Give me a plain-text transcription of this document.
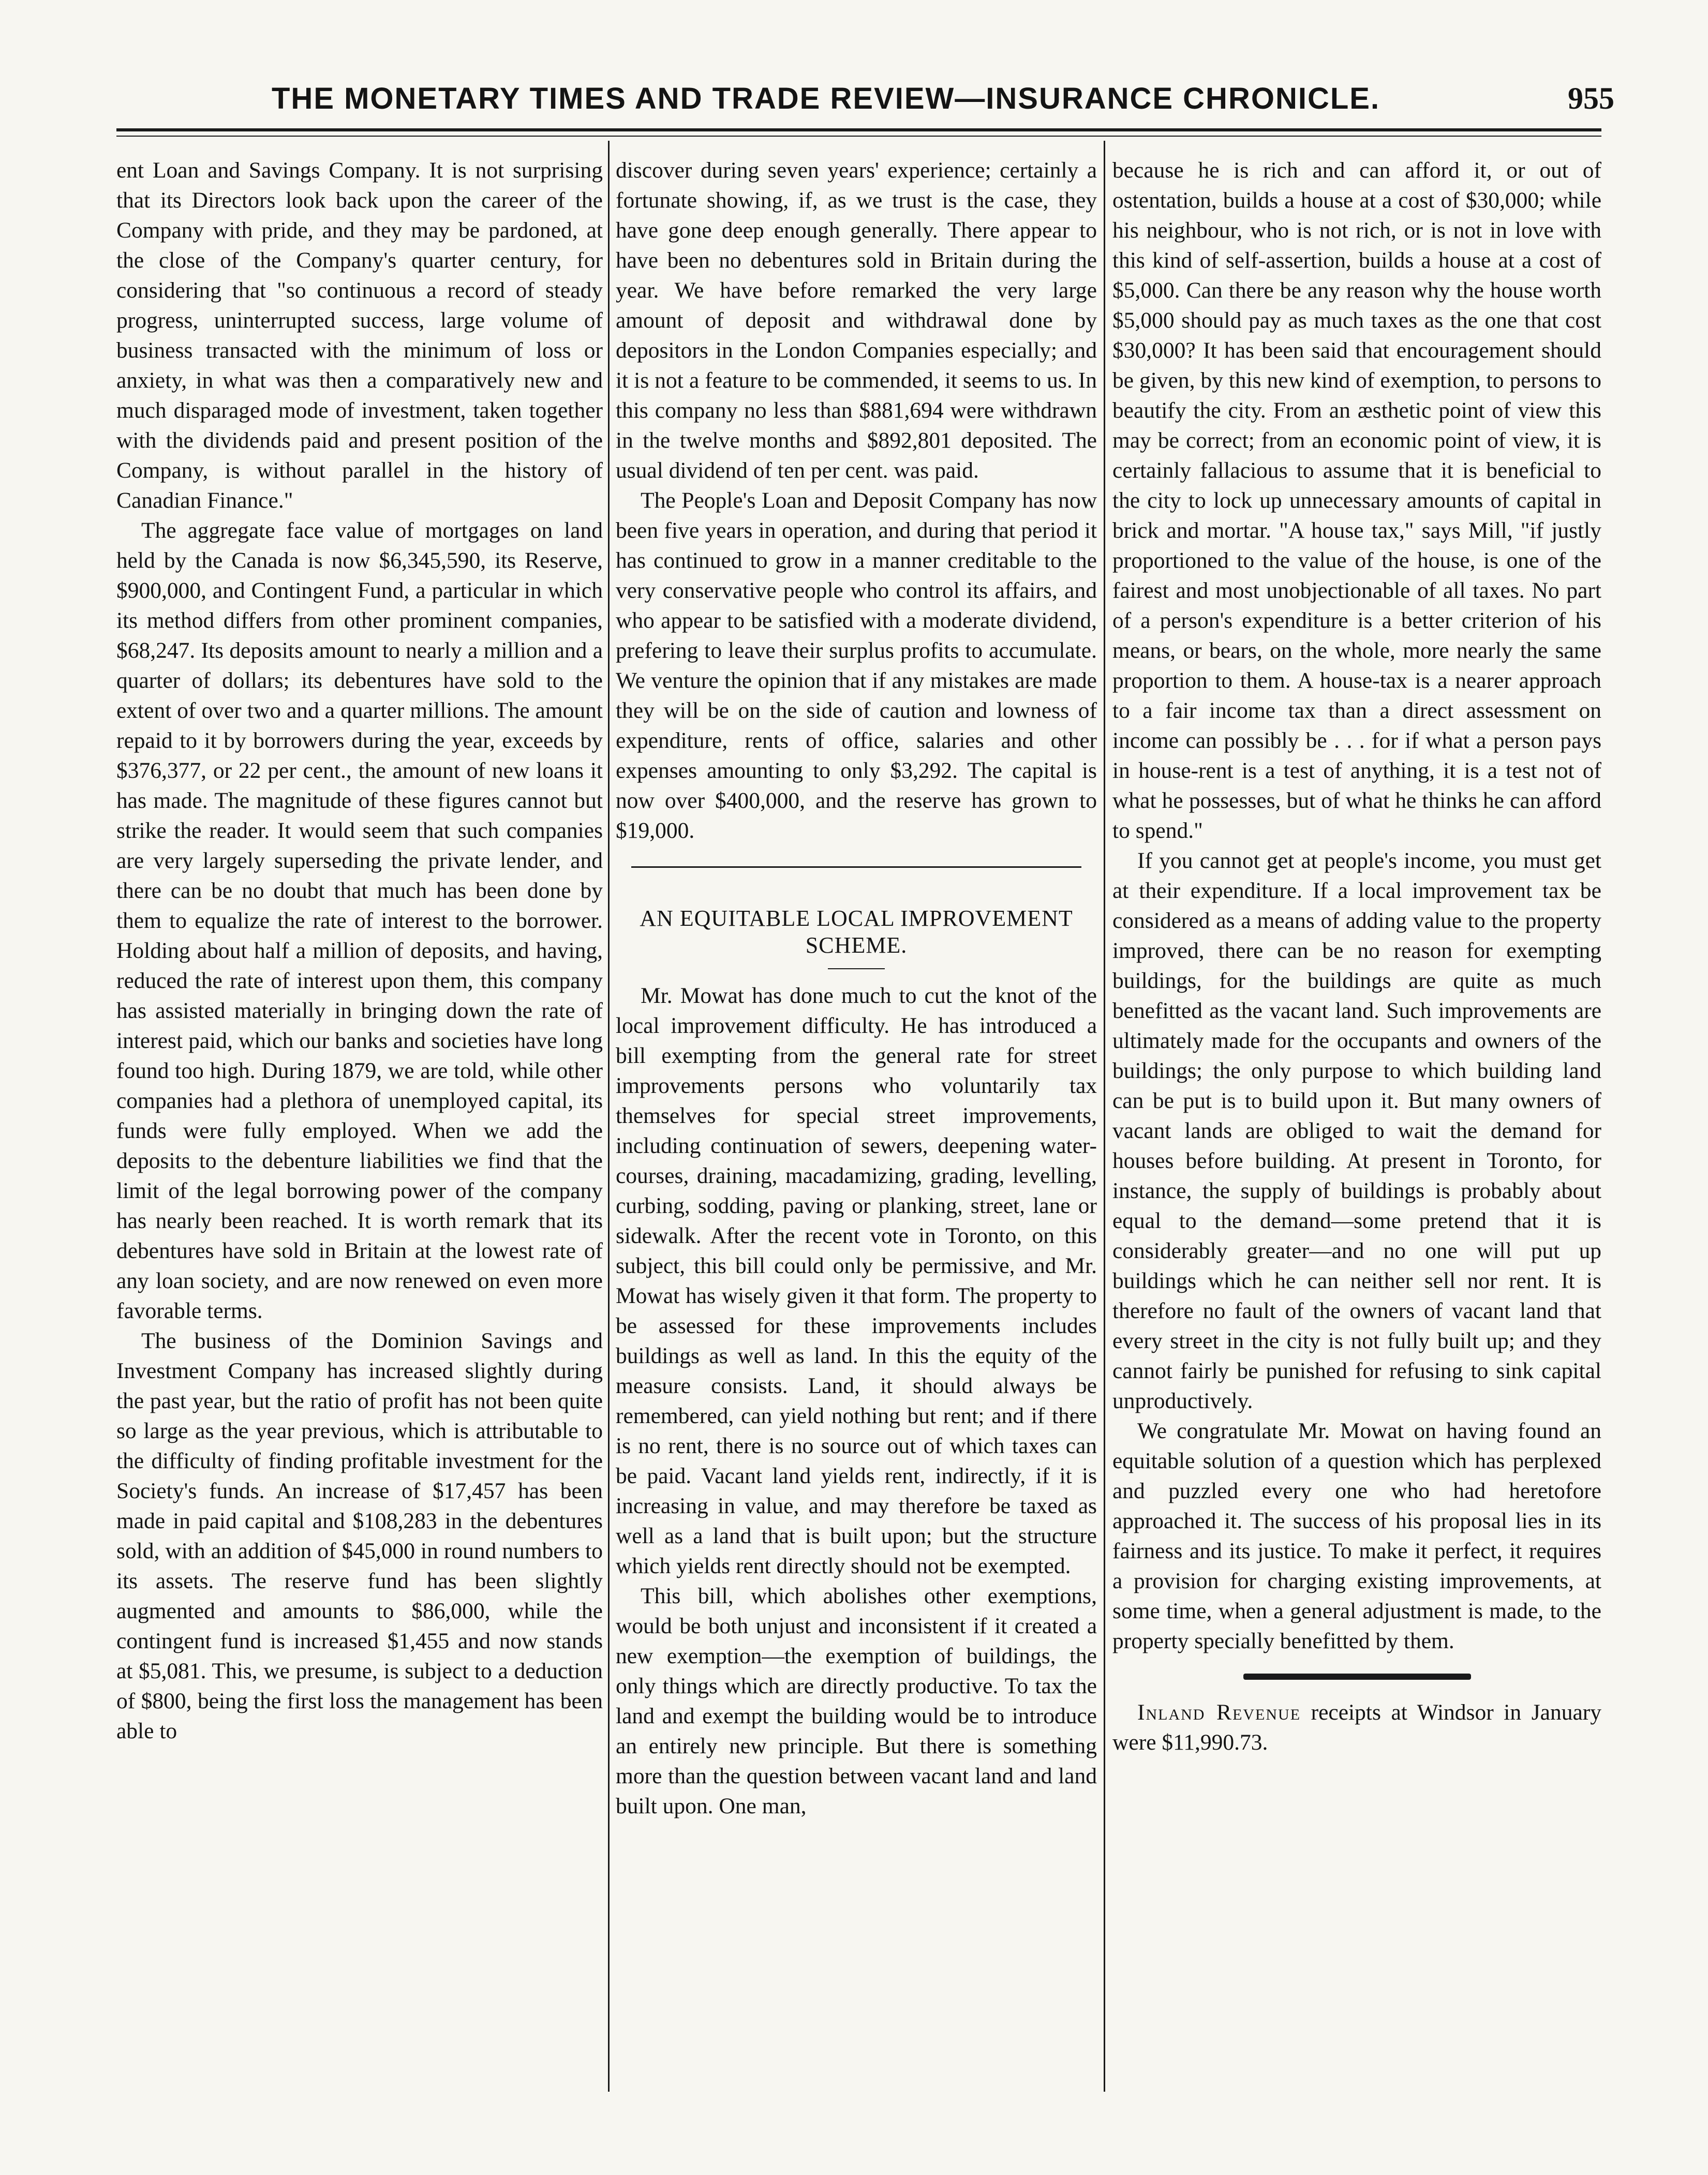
THE MONETARY TIMES AND TRADE REVIEW—INSURANCE CHRONICLE.	955

ent Loan and Savings Company. It is not surprising that its Directors look back upon the career of the Company with pride, and they may be pardoned, at the close of the Company's quarter century, for considering that "so continuous a record of steady progress, uninterrupted success, large volume of business transacted with the minimum of loss or anxiety, in what was then a comparatively new and much disparaged mode of investment, taken together with the dividends paid and present position of the Company, is without parallel in the history of Canadian Finance."

The aggregate face value of mortgages on land held by the Canada is now $6,345,590, its Reserve, $900,000, and Contingent Fund, a particular in which its method differs from other prominent companies, $68,247. Its deposits amount to nearly a million and a quarter of dollars; its debentures have sold to the extent of over two and a quarter millions. The amount repaid to it by borrowers during the year, exceeds by $376,377, or 22 per cent., the amount of new loans it has made. The magnitude of these figures cannot but strike the reader. It would seem that such companies are very largely superseding the private lender, and there can be no doubt that much has been done by them to equalize the rate of interest to the borrower. Holding about half a million of deposits, and having, reduced the rate of interest upon them, this company has assisted materially in bringing down the rate of interest paid, which our banks and societies have long found too high. During 1879, we are told, while other companies had a plethora of unemployed capital, its funds were fully employed. When we add the deposits to the debenture liabilities we find that the limit of the legal borrowing power of the company has nearly been reached. It is worth remark that its debentures have sold in Britain at the lowest rate of any loan society, and are now renewed on even more favorable terms.

The business of the Dominion Savings and Investment Company has increased slightly during the past year, but the ratio of profit has not been quite so large as the year previous, which is attributable to the difficulty of finding profitable investment for the Society's funds. An increase of $17,457 has been made in paid capital and $108,283 in the debentures sold, with an addition of $45,000 in round numbers to its assets. The reserve fund has been slightly augmented and amounts to $86,000, while the contingent fund is increased $1,455 and now stands at $5,081. This, we presume, is subject to a deduction of $800, being the first loss the management has been able to

discover during seven years' experience; certainly a fortunate showing, if, as we trust is the case, they have gone deep enough generally. There appear to have been no debentures sold in Britain during the year. We have before remarked the very large amount of deposit and withdrawal done by depositors in the London Companies especially; and it is not a feature to be commended, it seems to us. In this company no less than $881,694 were withdrawn in the twelve months and $892,801 deposited. The usual dividend of ten per cent. was paid.

The People's Loan and Deposit Company has now been five years in operation, and during that period it has continued to grow in a manner creditable to the very conservative people who control its affairs, and who appear to be satisfied with a moderate dividend, prefering to leave their surplus profits to accumulate. We venture the opinion that if any mistakes are made they will be on the side of caution and lowness of expenditure, rents of office, salaries and other expenses amounting to only $3,292. The capital is now over $400,000, and the reserve has grown to $19,000.

AN EQUITABLE LOCAL IMPROVEMENT SCHEME.

Mr. Mowat has done much to cut the knot of the local improvement difficulty. He has introduced a bill exempting from the general rate for street improvements persons who voluntarily tax themselves for special street improvements, including continuation of sewers, deepening water-courses, draining, macadamizing, grading, levelling, curbing, sodding, paving or planking, street, lane or sidewalk. After the recent vote in Toronto, on this subject, this bill could only be permissive, and Mr. Mowat has wisely given it that form. The property to be assessed for these improvements includes buildings as well as land. In this the equity of the measure consists. Land, it should always be remembered, can yield nothing but rent; and if there is no rent, there is no source out of which taxes can be paid. Vacant land yields rent, indirectly, if it is increasing in value, and may therefore be taxed as well as a land that is built upon; but the structure which yields rent directly should not be exempted.

This bill, which abolishes other exemptions, would be both unjust and inconsistent if it created a new exemption—the exemption of buildings, the only things which are directly productive. To tax the land and exempt the building would be to introduce an entirely new principle. But there is something more than the question between vacant land and land built upon. One man,

because he is rich and can afford it, or out of ostentation, builds a house at a cost of $30,000; while his neighbour, who is not rich, or is not in love with this kind of self-assertion, builds a house at a cost of $5,000. Can there be any reason why the house worth $5,000 should pay as much taxes as the one that cost $30,000? It has been said that encouragement should be given, by this new kind of exemption, to persons to beautify the city. From an æsthetic point of view this may be correct; from an economic point of view, it is certainly fallacious to assume that it is beneficial to the city to lock up unnecessary amounts of capital in brick and mortar. "A house tax," says Mill, "if justly proportioned to the value of the house, is one of the fairest and most unobjectionable of all taxes. No part of a person's expenditure is a better criterion of his means, or bears, on the whole, more nearly the same proportion to them. A house-tax is a nearer approach to a fair income tax than a direct assessment on income can possibly be . . . for if what a person pays in house-rent is a test of anything, it is a test not of what he possesses, but of what he thinks he can afford to spend."

If you cannot get at people's income, you must get at their expenditure. If a local improvement tax be considered as a means of adding value to the property improved, there can be no reason for exempting buildings, for the buildings are quite as much benefitted as the vacant land. Such improvements are ultimately made for the occupants and owners of the buildings; the only purpose to which building land can be put is to build upon it. But many owners of vacant lands are obliged to wait the demand for houses before building. At present in Toronto, for instance, the supply of buildings is probably about equal to the demand—some pretend that it is considerably greater—and no one will put up buildings which he can neither sell nor rent. It is therefore no fault of the owners of vacant land that every street in the city is not fully built up; and they cannot fairly be punished for refusing to sink capital unproductively.

We congratulate Mr. Mowat on having found an equitable solution of a question which has perplexed and puzzled every one who had heretofore approached it. The success of his proposal lies in its fairness and its justice. To make it perfect, it requires a provision for charging existing improvements, at some time, when a general adjustment is made, to the property specially benefitted by them.

Inland Revenue receipts at Windsor in January were $11,990.73.
